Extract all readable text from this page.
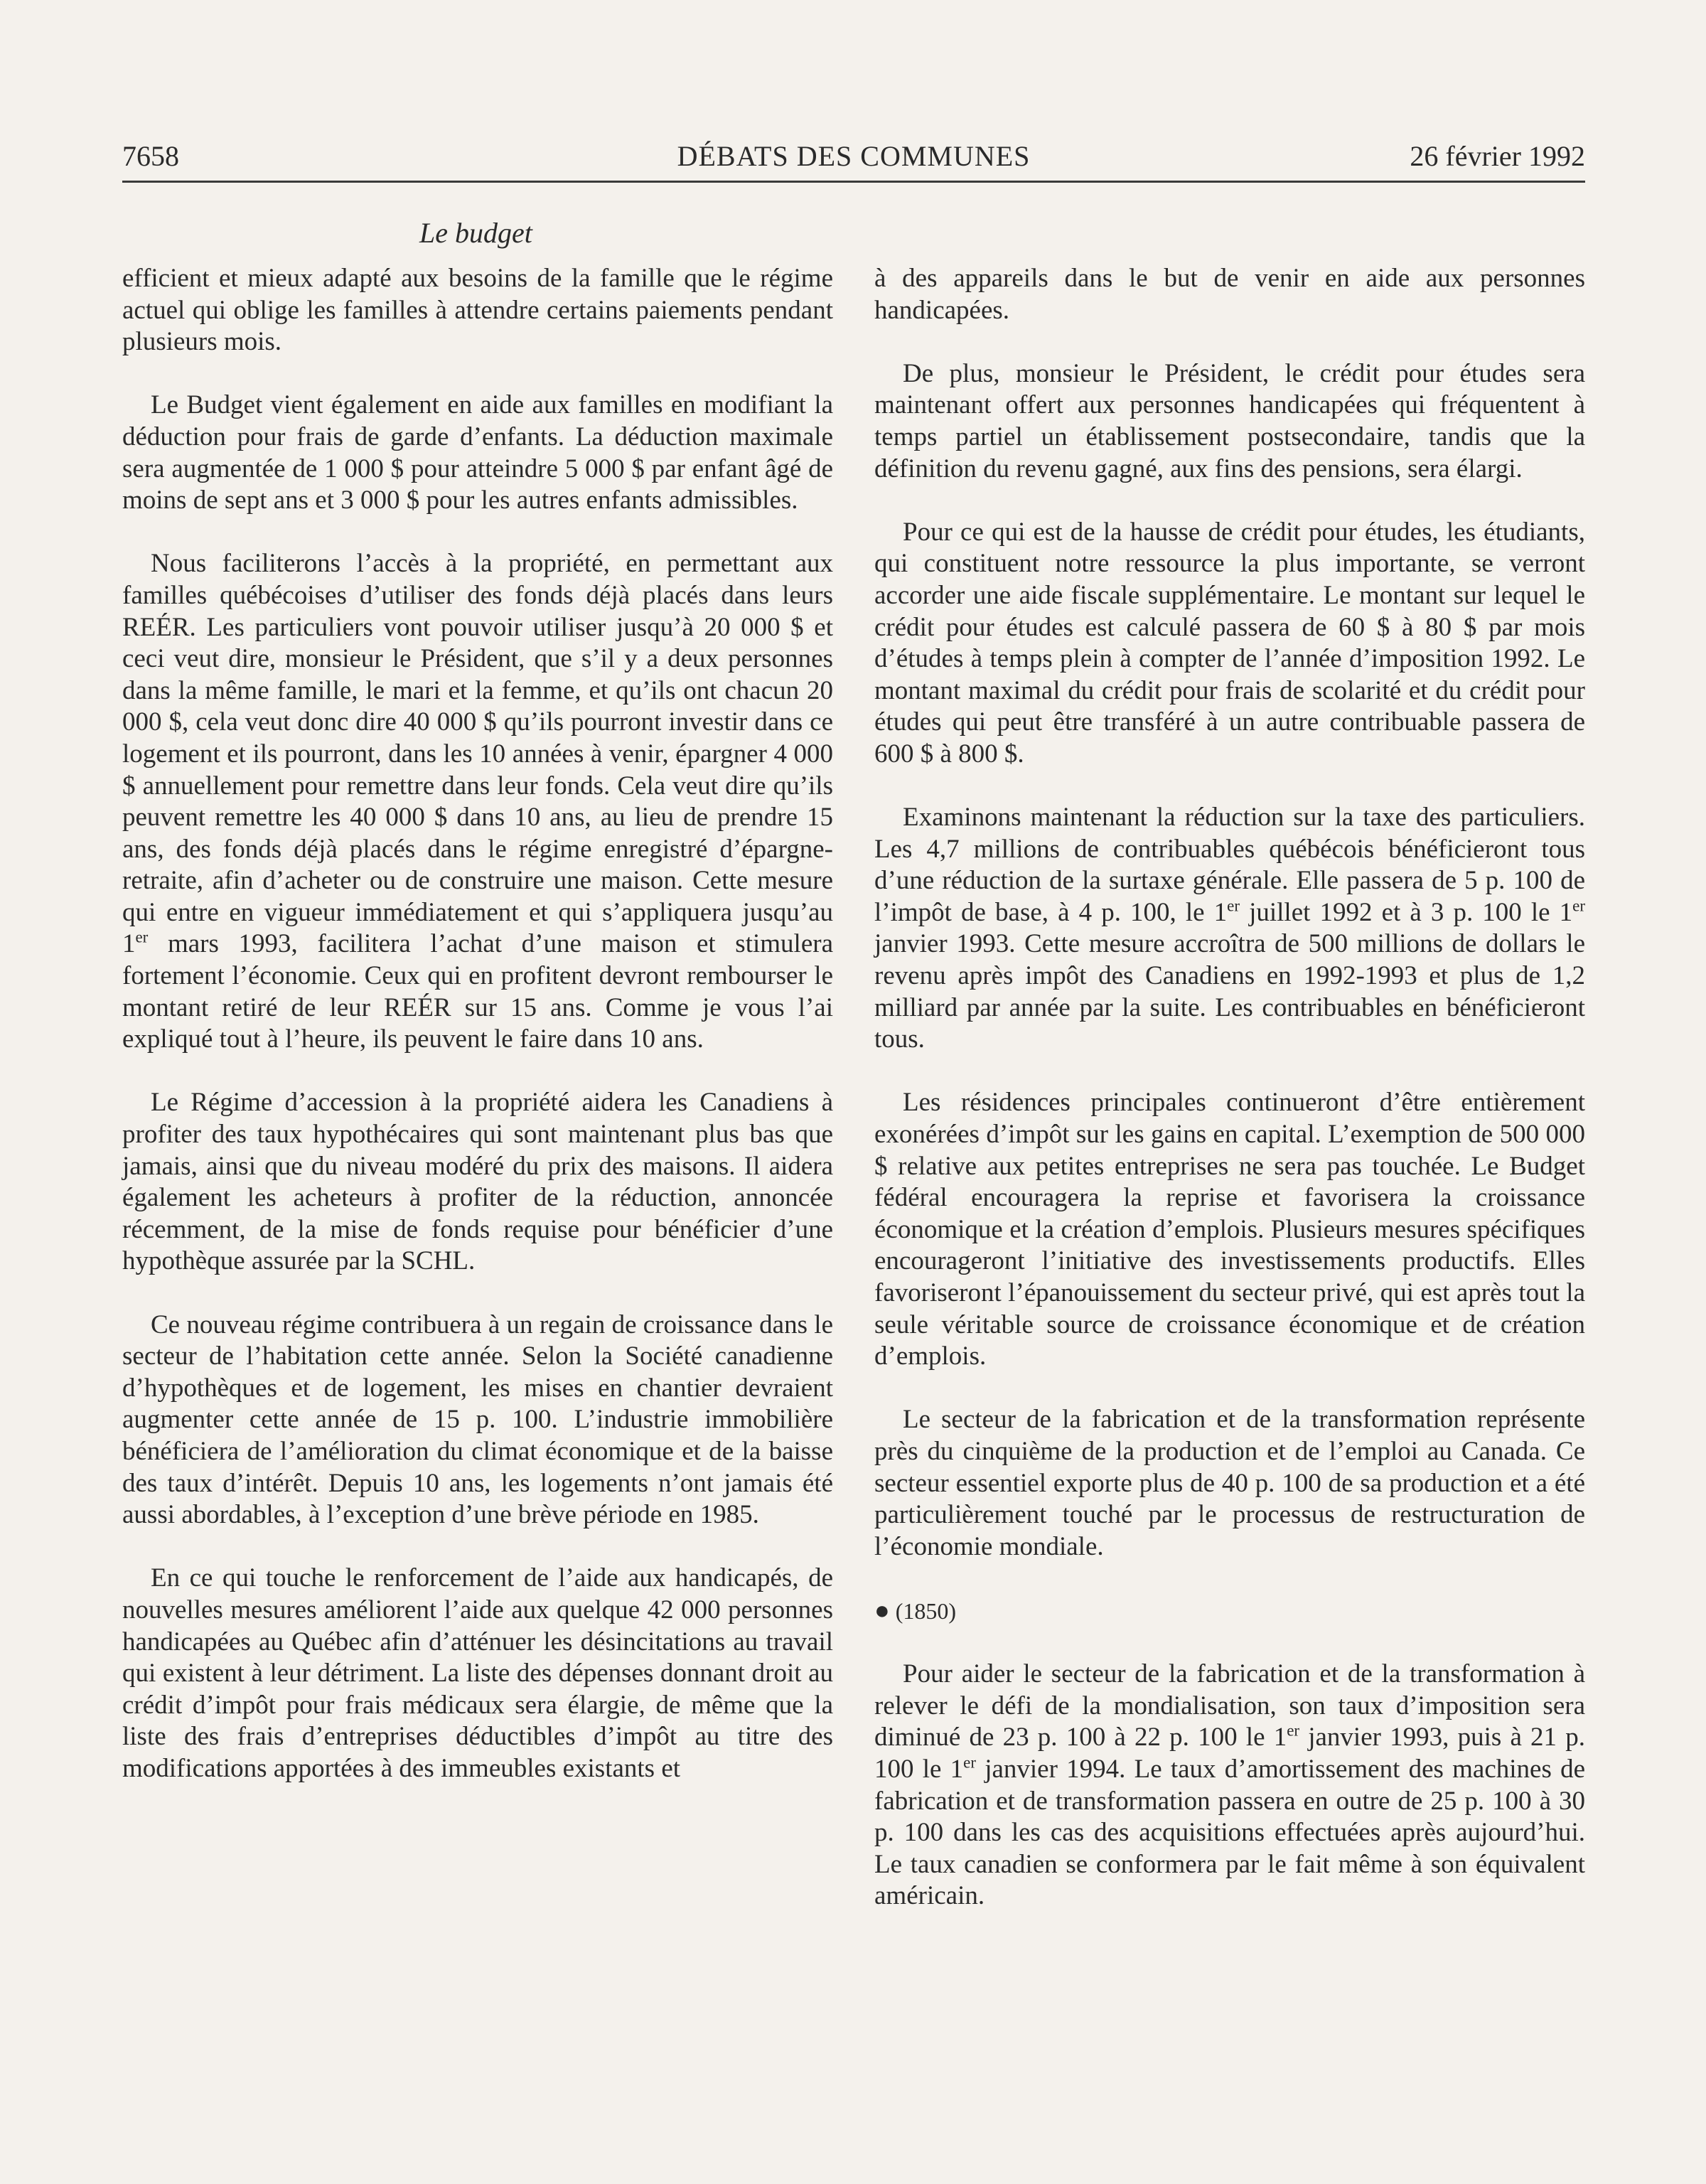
7658	DÉBATS DES COMMUNES	26 février 1992
Le budget

efficient et mieux adapté aux besoins de la famille que le régime actuel qui oblige les familles à attendre certains paiements pendant plusieurs mois.

Le Budget vient également en aide aux familles en modifiant la déduction pour frais de garde d’enfants. La déduction maximale sera augmentée de 1 000 $ pour atteindre 5 000 $ par enfant âgé de moins de sept ans et 3 000 $ pour les autres enfants admissibles.

Nous faciliterons l’accès à la propriété, en permettant aux familles québécoises d’utiliser des fonds déjà placés dans leurs REÉR. Les particuliers vont pouvoir utiliser jusqu’à 20 000 $ et ceci veut dire, monsieur le Président, que s’il y a deux personnes dans la même famille, le mari et la femme, et qu’ils ont chacun 20 000 $, cela veut donc dire 40 000 $ qu’ils pourront investir dans ce logement et ils pourront, dans les 10 années à venir, épargner 4 000 $ annuellement pour remettre dans leur fonds. Cela veut dire qu’ils peuvent remettre les 40 000 $ dans 10 ans, au lieu de prendre 15 ans, des fonds déjà placés dans le régime enregistré d’épargne-retraite, afin d’acheter ou de construire une maison. Cette mesure qui entre en vigueur immédiatement et qui s’appliquera jusqu’au 1er mars 1993, facilitera l’achat d’une maison et stimulera fortement l’économie. Ceux qui en profitent devront rembourser le montant retiré de leur REÉR sur 15 ans. Comme je vous l’ai expliqué tout à l’heure, ils peuvent le faire dans 10 ans.

Le Régime d’accession à la propriété aidera les Canadiens à profiter des taux hypothécaires qui sont maintenant plus bas que jamais, ainsi que du niveau modéré du prix des maisons. Il aidera également les acheteurs à profiter de la réduction, annoncée récemment, de la mise de fonds requise pour bénéficier d’une hypothèque assurée par la SCHL.

Ce nouveau régime contribuera à un regain de croissance dans le secteur de l’habitation cette année. Selon la Société canadienne d’hypothèques et de logement, les mises en chantier devraient augmenter cette année de 15 p. 100. L’industrie immobilière bénéficiera de l’amélioration du climat économique et de la baisse des taux d’intérêt. Depuis 10 ans, les logements n’ont jamais été aussi abordables, à l’exception d’une brève période en 1985.

En ce qui touche le renforcement de l’aide aux handicapés, de nouvelles mesures améliorent l’aide aux quelque 42 000 personnes handicapées au Québec afin d’atténuer les désincitations au travail qui existent à leur détriment. La liste des dépenses donnant droit au crédit d’impôt pour frais médicaux sera élargie, de même que la liste des frais d’entreprises déductibles d’impôt au titre des modifications apportées à des immeubles existants et

à des appareils dans le but de venir en aide aux personnes handicapées.

De plus, monsieur le Président, le crédit pour études sera maintenant offert aux personnes handicapées qui fréquentent à temps partiel un établissement postsecondaire, tandis que la définition du revenu gagné, aux fins des pensions, sera élargi.

Pour ce qui est de la hausse de crédit pour études, les étudiants, qui constituent notre ressource la plus importante, se verront accorder une aide fiscale supplémentaire. Le montant sur lequel le crédit pour études est calculé passera de 60 $ à 80 $ par mois d’études à temps plein à compter de l’année d’imposition 1992. Le montant maximal du crédit pour frais de scolarité et du crédit pour études qui peut être transféré à un autre contribuable passera de 600 $ à 800 $.

Examinons maintenant la réduction sur la taxe des particuliers. Les 4,7 millions de contribuables québécois bénéficieront tous d’une réduction de la surtaxe générale. Elle passera de 5 p. 100 de l’impôt de base, à 4 p. 100, le 1er juillet 1992 et à 3 p. 100 le 1er janvier 1993. Cette mesure accroîtra de 500 millions de dollars le revenu après impôt des Canadiens en 1992-1993 et plus de 1,2 milliard par année par la suite. Les contribuables en bénéficieront tous.

Les résidences principales continueront d’être entièrement exonérées d’impôt sur les gains en capital. L’exemption de 500 000 $ relative aux petites entreprises ne sera pas touchée. Le Budget fédéral encouragera la reprise et favorisera la croissance économique et la création d’emplois. Plusieurs mesures spécifiques encourageront l’initiative des investissements productifs. Elles favoriseront l’épanouissement du secteur privé, qui est après tout la seule véritable source de croissance économique et de création d’emplois.

Le secteur de la fabrication et de la transformation représente près du cinquième de la production et de l’emploi au Canada. Ce secteur essentiel exporte plus de 40 p. 100 de sa production et a été particulièrement touché par le processus de restructuration de l’économie mondiale.

● (1850)

Pour aider le secteur de la fabrication et de la transformation à relever le défi de la mondialisation, son taux d’imposition sera diminué de 23 p. 100 à 22 p. 100 le 1er janvier 1993, puis à 21 p. 100 le 1er janvier 1994. Le taux d’amortissement des machines de fabrication et de transformation passera en outre de 25 p. 100 à 30 p. 100 dans les cas des acquisitions effectuées après aujourd’hui. Le taux canadien se conformera par le fait même à son équivalent américain.
